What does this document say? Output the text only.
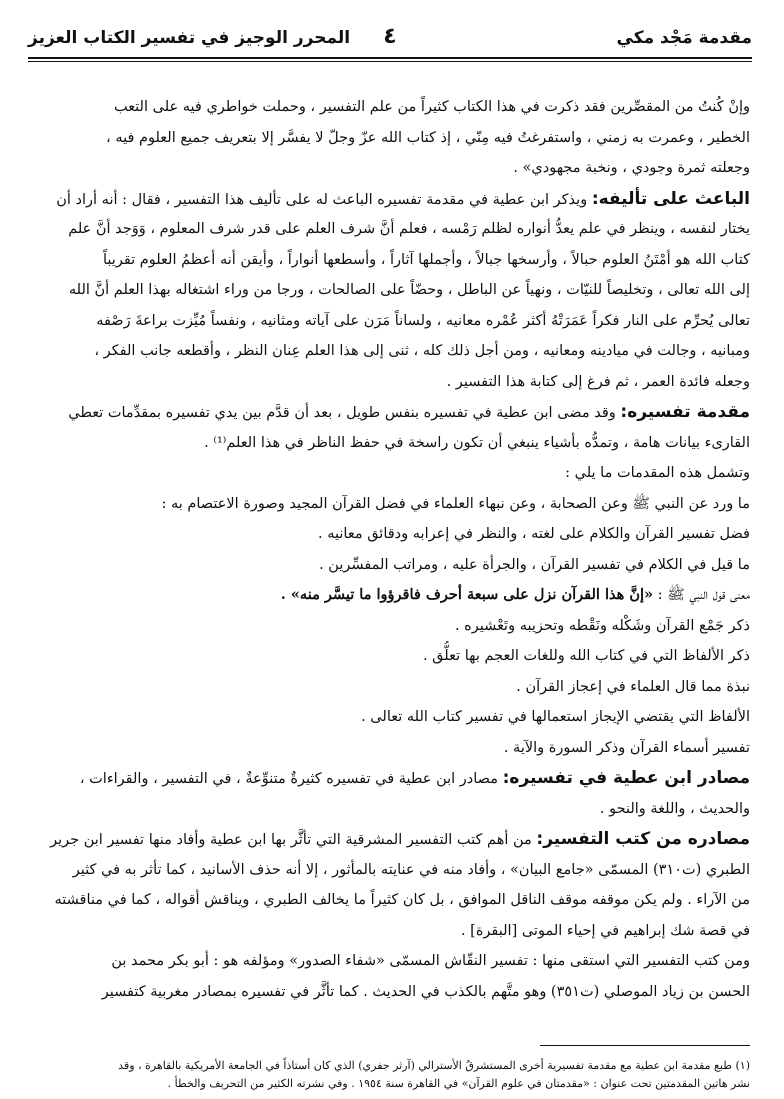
مقدمة مَجْد مكي
٤
المحرر الوجيز في تفسير الكتاب العزيز
وإنْ كُنتُ من المقصِّرين فقد ذكرت في هذا الكتاب كثيراً من علم التفسير ، وحملت خواطري فيه على التعب
الخطير ، وعمرت به زمني ، واستفرغتُ فيه مِنّي ، إذ كتاب الله عزّ وجلّ لا يفسَّر إلا بتعريف جميع العلوم فيه ،
وجعلته ثمرة وجودي ، ونخبة مجهودي» .
الباعث على تأليفه: ويذكر ابن عطية في مقدمة تفسيره الباعث له على تأليف هذا التفسير ، فقال : أنه أراد أن
يختار لنفسه ، وينظر في علم يعدُّ أنواره لظلم رَمْسه ، فعلم أنَّ شرف العلم على قدر شرف المعلوم ، وَوَجد أنَّ علم
كتاب الله هو أمْتَنُ العلوم حبالاً ، وأرسخها جبالاً ، وأجملها آثاراً ، وأسطعها أنواراً ، وأيقن أنه أعظمُ العلوم تقريباً
إلى الله تعالى ، وتخليصاً للنيّات ، ونهياً عن الباطل ، وحضّاً على الصالحات ، ورجا من وراء اشتغاله بهذا العلم أنَّ الله
تعالى يُحرِّم على النار فكراً عَمَرَتْهُ أكثر عُمْره معانيه ، ولساناً مَرَن على آياته ومثانيه ، ونفساً مُيِّزت براعةَ رَصْفه
ومبانيه ، وجالت في ميادينه ومعانيه ، ومن أجل ذلك كله ، ثنى إلى هذا العلم عِنان النظر ، وأقطعه جانب الفكر ،
وجعله فائدة العمر ، ثم فرغ إلى كتابة هذا التفسير .
مقدمة تفسيره: وقد مضى ابن عطية في تفسيره بنفس طويل ، بعد أن قدَّم بين يدي تفسيره بمقدِّمات تعطي
القارىء بيانات هامة ، وتمدُّه بأشياء ينبغي أن تكون راسخة في حفظ الناظر في هذا العلم⁽¹⁾ .
وتشمل هذه المقدمات ما يلي :
ما ورد عن النبي ﷺ وعن الصحابة ، وعن نبهاء العلماء في فضل القرآن المجيد وصورة الاعتصام به :
فضل تفسير القرآن والكلام على لغته ، والنظر في إعرابه ودقائق معانيه .
ما قيل في الكلام في تفسير القرآن ، والجرأة عليه ، ومراتب المفسِّرين .
معنى قول النبي ﷺ : «إنَّ هذا القرآن نزل على سبعة أحرف فاقرؤوا ما تيسَّر منه» .
ذكر جَمْع القرآن وشَكْله ونَقْطه وتحزيبه وتَعْشيره .
ذكر الألفاظ التي في كتاب الله وللغات العجم بها تعلُّق .
نبذة مما قال العلماء في إعجاز القرآن .
الألفاظ التي يقتضي الإيجاز استعمالها في تفسير كتاب الله تعالى .
تفسير أسماء القرآن وذكر السورة والآية .
مصادر ابن عطية في تفسيره: مصادر ابن عطية في تفسيره كثيرةٌ متنوِّعةٌ ، في التفسير ، والقراءات ،
والحديث ، واللغة والنحو .
مصادره من كتب التفسير: من أهم كتب التفسير المشرقية التي تأثَّر بها ابن عطية وأفاد منها تفسير ابن جرير
الطبري (ت٣١٠) المسمّى «جامع البيان» ، وأفاد منه في عنايته بالمأثور ، إلا أنه حذف الأسانيد ، كما تأثر به في كثير
من الآراء . ولم يكن موقفه موقف الناقل الموافق ، بل كان كثيراً ما يخالف الطبري ، ويناقش أقواله ، كما في مناقشته
في قصة شك إبراهيم في إحياء الموتى [البقرة] .
ومن كتب التفسير التي استقى منها : تفسير النقّاش المسمّى «شفاء الصدور» ومؤلفه هو : أبو بكر محمد بن
الحسن بن زياد الموصلي (ت٣٥١) وهو متَّهم بالكذب في الحديث . كما تأثَّر في تفسيره بمصادر مغربية كتفسير
(١) طبع مقدمة ابن عطية مع مقدمة تفسيرية أخرى المستشرقُ الأسترالي (آرثر جفري) الذي كان أستاذاً في الجامعة الأمريكية بالقاهرة ، وقد
نشر هاتين المقدمتين تحت عنوان : «مقدمتان في علوم القرآن» في القاهرة سنة ١٩٥٤ . وفي نشرته الكثير من التحريف والخطأ .
